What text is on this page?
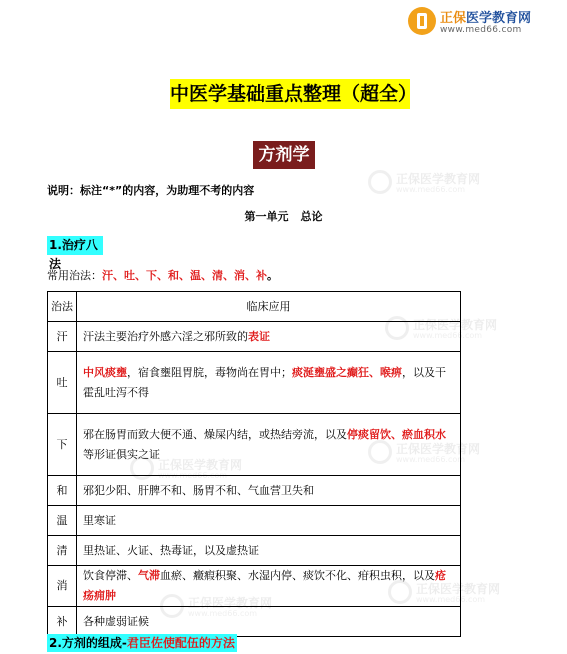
正保医学教育网
www.med66.com
正保医学教育网
www.med66.com
正保医学教育网
www.med66.com
正保医学教育网
www.med66.com
正保医学教育网
www.med66.com
正保医学教育网
www.med66.com
正保医学教育网
www.med66.com
中医学基础重点整理（超全）
方剂学
说明：标注“*”的内容，为助理不考的内容
第一单元 总论
1.治疗八法
常用治法：汗、吐、下、和、温、清、消、补。
治法	临床应用
汗	汗法主要治疗外感六淫之邪所致的表证
吐	中风痰壅，宿食壅阻胃脘，毒物尚在胃中；痰涎壅盛之癫狂、喉痹，以及干霍乱吐泻不得
下	邪在肠胃而致大便不通、燥屎内结，或热结旁流，以及停痰留饮、瘀血积水等形证俱实之证
和	邪犯少阳、肝脾不和、肠胃不和、气血营卫失和
温	里寒证
清	里热证、火证、热毒证，以及虚热证
消	饮食停滞、气滞血瘀、癥瘕积聚、水湿内停、痰饮不化、疳积虫积，以及疮疡痈肿
补	各种虚弱证候
2.方剂的组成-君臣佐使配伍的方法
